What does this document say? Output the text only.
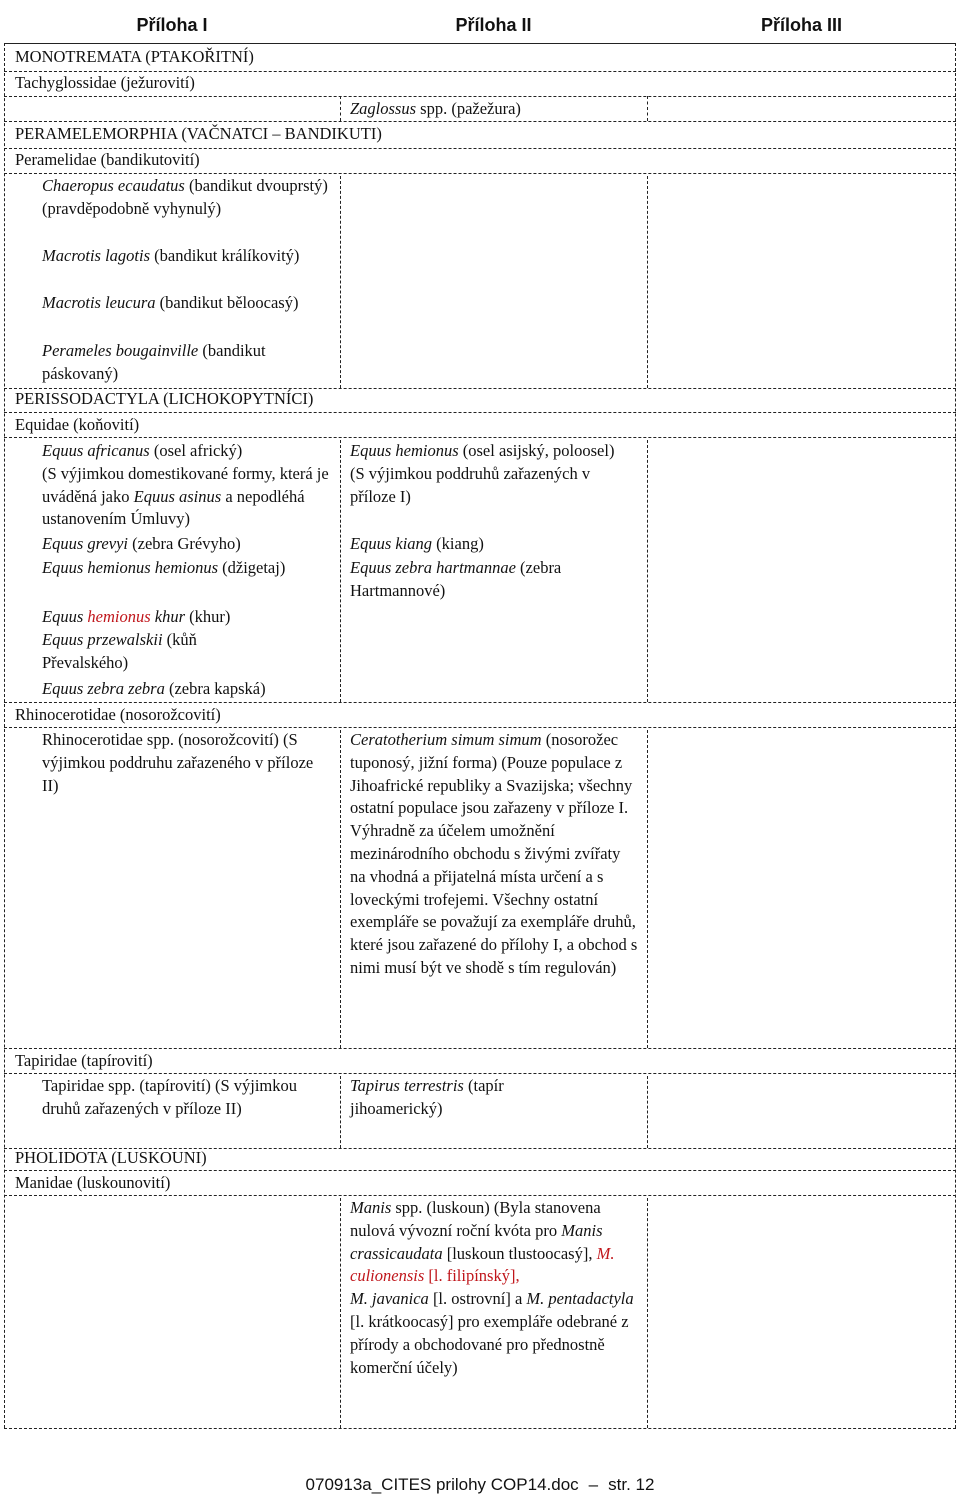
Příloha I	Příloha II	Příloha III
MONOTREMATA (PTAKOŘITNÍ)
Tachyglossidae (ježurovití)
Zaglossus spp. (pažežura)
PERAMELEMORPHIA (VAČNATCI – BANDIKUTI)
Peramelidae (bandikutovití)
Chaeropus ecaudatus (bandikut dvouprstý) (pravděpodobně vyhynulý)
Macrotis lagotis (bandikut králíkovitý)
Macrotis leucura (bandikut běloocasý)
Perameles bougainville (bandikut páskovaný)
PERISSODACTYLA (LICHOKOPYTNÍCI)
Equidae (koňovití)
Equus africanus (osel africký)
(S výjimkou domestikované formy, která je uváděná jako Equus asinus a nepodléhá ustanovením Úmluvy)
Equus grevyi (zebra Grévyho)
Equus hemionus hemionus (džigetaj)
Equus hemionus khur (khur)
Equus przewalskii (kůň Převalského)
Equus zebra zebra (zebra kapská)
Equus hemionus (osel asijský, poloosel) (S výjimkou poddruhů zařazených v příloze I)
Equus kiang (kiang)
Equus zebra hartmannae (zebra Hartmannové)
Rhinocerotidae (nosorožcovití)
Rhinocerotidae spp. (nosorožcovití) (S výjimkou poddruhu zařazeného v příloze II)
Ceratotherium simum simum (nosorožec tuponosý, jižní forma) (Pouze populace z Jihoafrické republiky a Svazijska; všechny ostatní populace jsou zařazeny v příloze I. Výhradně za účelem umožnění mezinárodního obchodu s živými zvířaty na vhodná a přijatelná místa určení a s loveckými trofejemi. Všechny ostatní exempláře se považují za exempláře druhů, které jsou zařazené do přílohy I, a obchod s nimi musí být ve shodě s tím regulován)
Tapiridae (tapírovití)
Tapiridae spp. (tapírovití) (S výjimkou druhů zařazených v příloze II)
Tapirus terrestris (tapír jihoamerický)
PHOLIDOTA (LUSKOUNI)
Manidae (luskounovití)
Manis spp. (luskoun) (Byla stanovena nulová vývozní roční kvóta pro Manis crassicaudata [luskoun tlustoocasý], M. culionensis [l. filipínský],
M. javanica [l. ostrovní] a M. pentadactyla [l. krátkoocasý] pro exempláře odebrané z přírody a obchodované pro přednostně komerční účely)
070913a_CITES prilohy COP14.doc – str. 12
